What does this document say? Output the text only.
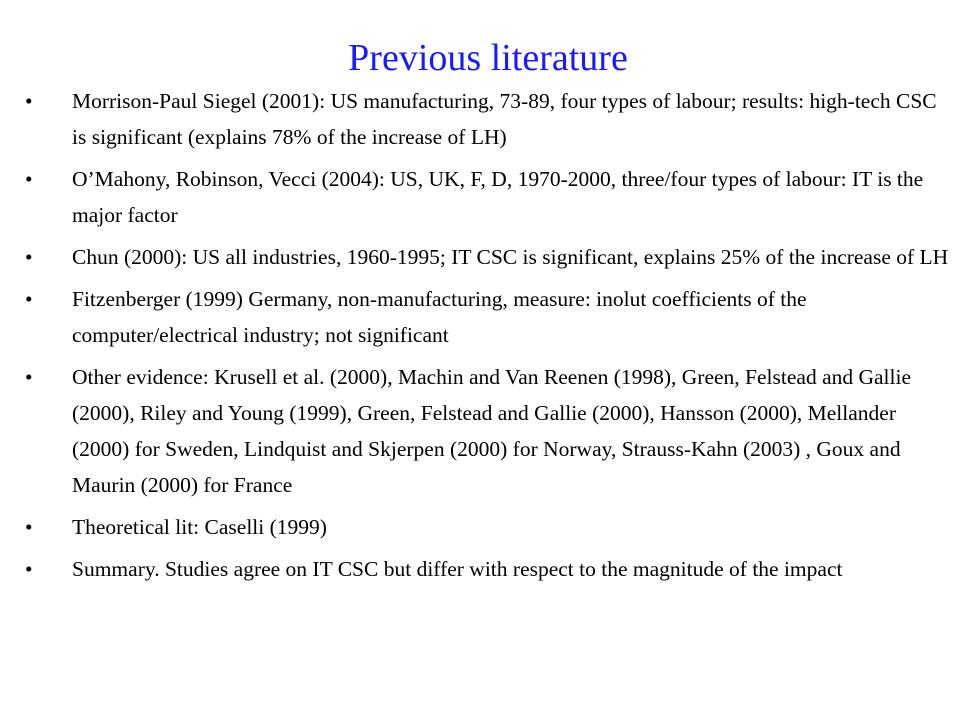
Previous literature
•	Morrison-Paul Siegel (2001): US manufacturing, 73-89, four types of labour; results: high-tech CSC is significant (explains 78% of the increase of LH)
•	O’Mahony, Robinson, Vecci (2004): US, UK, F, D, 1970-2000, three/four types of labour: IT is the major factor
•	Chun (2000): US all industries, 1960-1995; IT CSC is significant, explains 25% of the increase of LH
•	Fitzenberger (1999) Germany, non-manufacturing, measure: inolut coefficients of the computer/electrical industry; not significant
•	Other evidence: Krusell et al. (2000), Machin and Van Reenen (1998), Green, Felstead and Gallie (2000), Riley and Young (1999), Green, Felstead and Gallie (2000), Hansson (2000), Mellander (2000) for Sweden, Lindquist and Skjerpen (2000) for Norway, Strauss-Kahn (2003) , Goux and Maurin (2000) for France
•	Theoretical lit: Caselli (1999)
•	Summary. Studies agree on IT CSC but differ with respect to the magnitude of the impact
